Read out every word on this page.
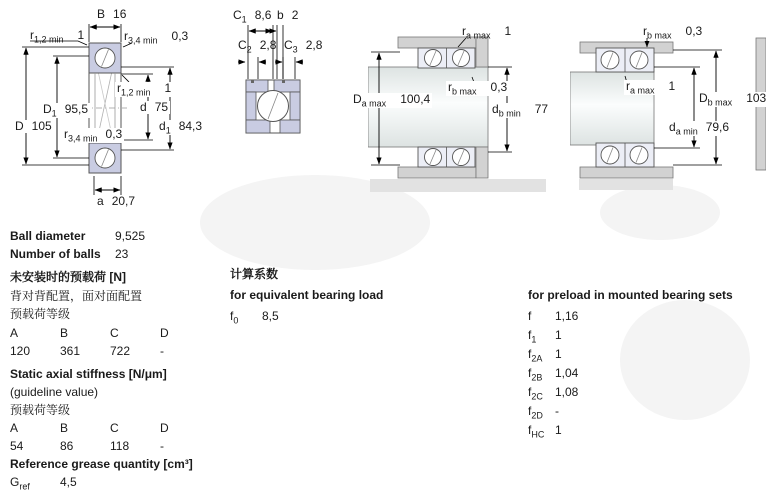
B 16
$r_{1,2 min}$ 1	$r_{3,4 min}$ 0,3
$D_1$ 95,5
D 105
$r_{3,4 min}$ 0,3
$r_{1,2 min}$ 1
d 75
$d_1$ 84,3
a 20,7
$C_1$ 8,6 b 2
$C_2$ 2,8 $C_3$ 2,8
$r_{a max}$ 1
$D_{a max}$ 100,4
$r_{b max}$ 0,3
$d_{b min}$ 77
$r_{b max}$ 0,3
$r_{a max}$ 1
$D_{b max}$ 103
$d_{a min}$ 79,6
Ball diameter 9,525
Number of balls 23
未安装时的预载荷 [N]
背对背配置，面对面配置
预载荷等级
A	B	C	D
120	361	722	-
Static axial stiffness [N/μm]
(guideline value)
预载荷等级
A	B	C	D
54	86	118	-
Reference grease quantity [cm³]
$G_{ref}$	4,5
计算系数
for equivalent bearing load
$f_0$ 8,5
for preload in mounted bearing sets
f 1,16
$f_1$ 1
$f_{2A}$ 1
$f_{2B}$ 1,04
$f_{2C}$ 1,08
$f_{2D}$ -
$f_{HC}$ 1
